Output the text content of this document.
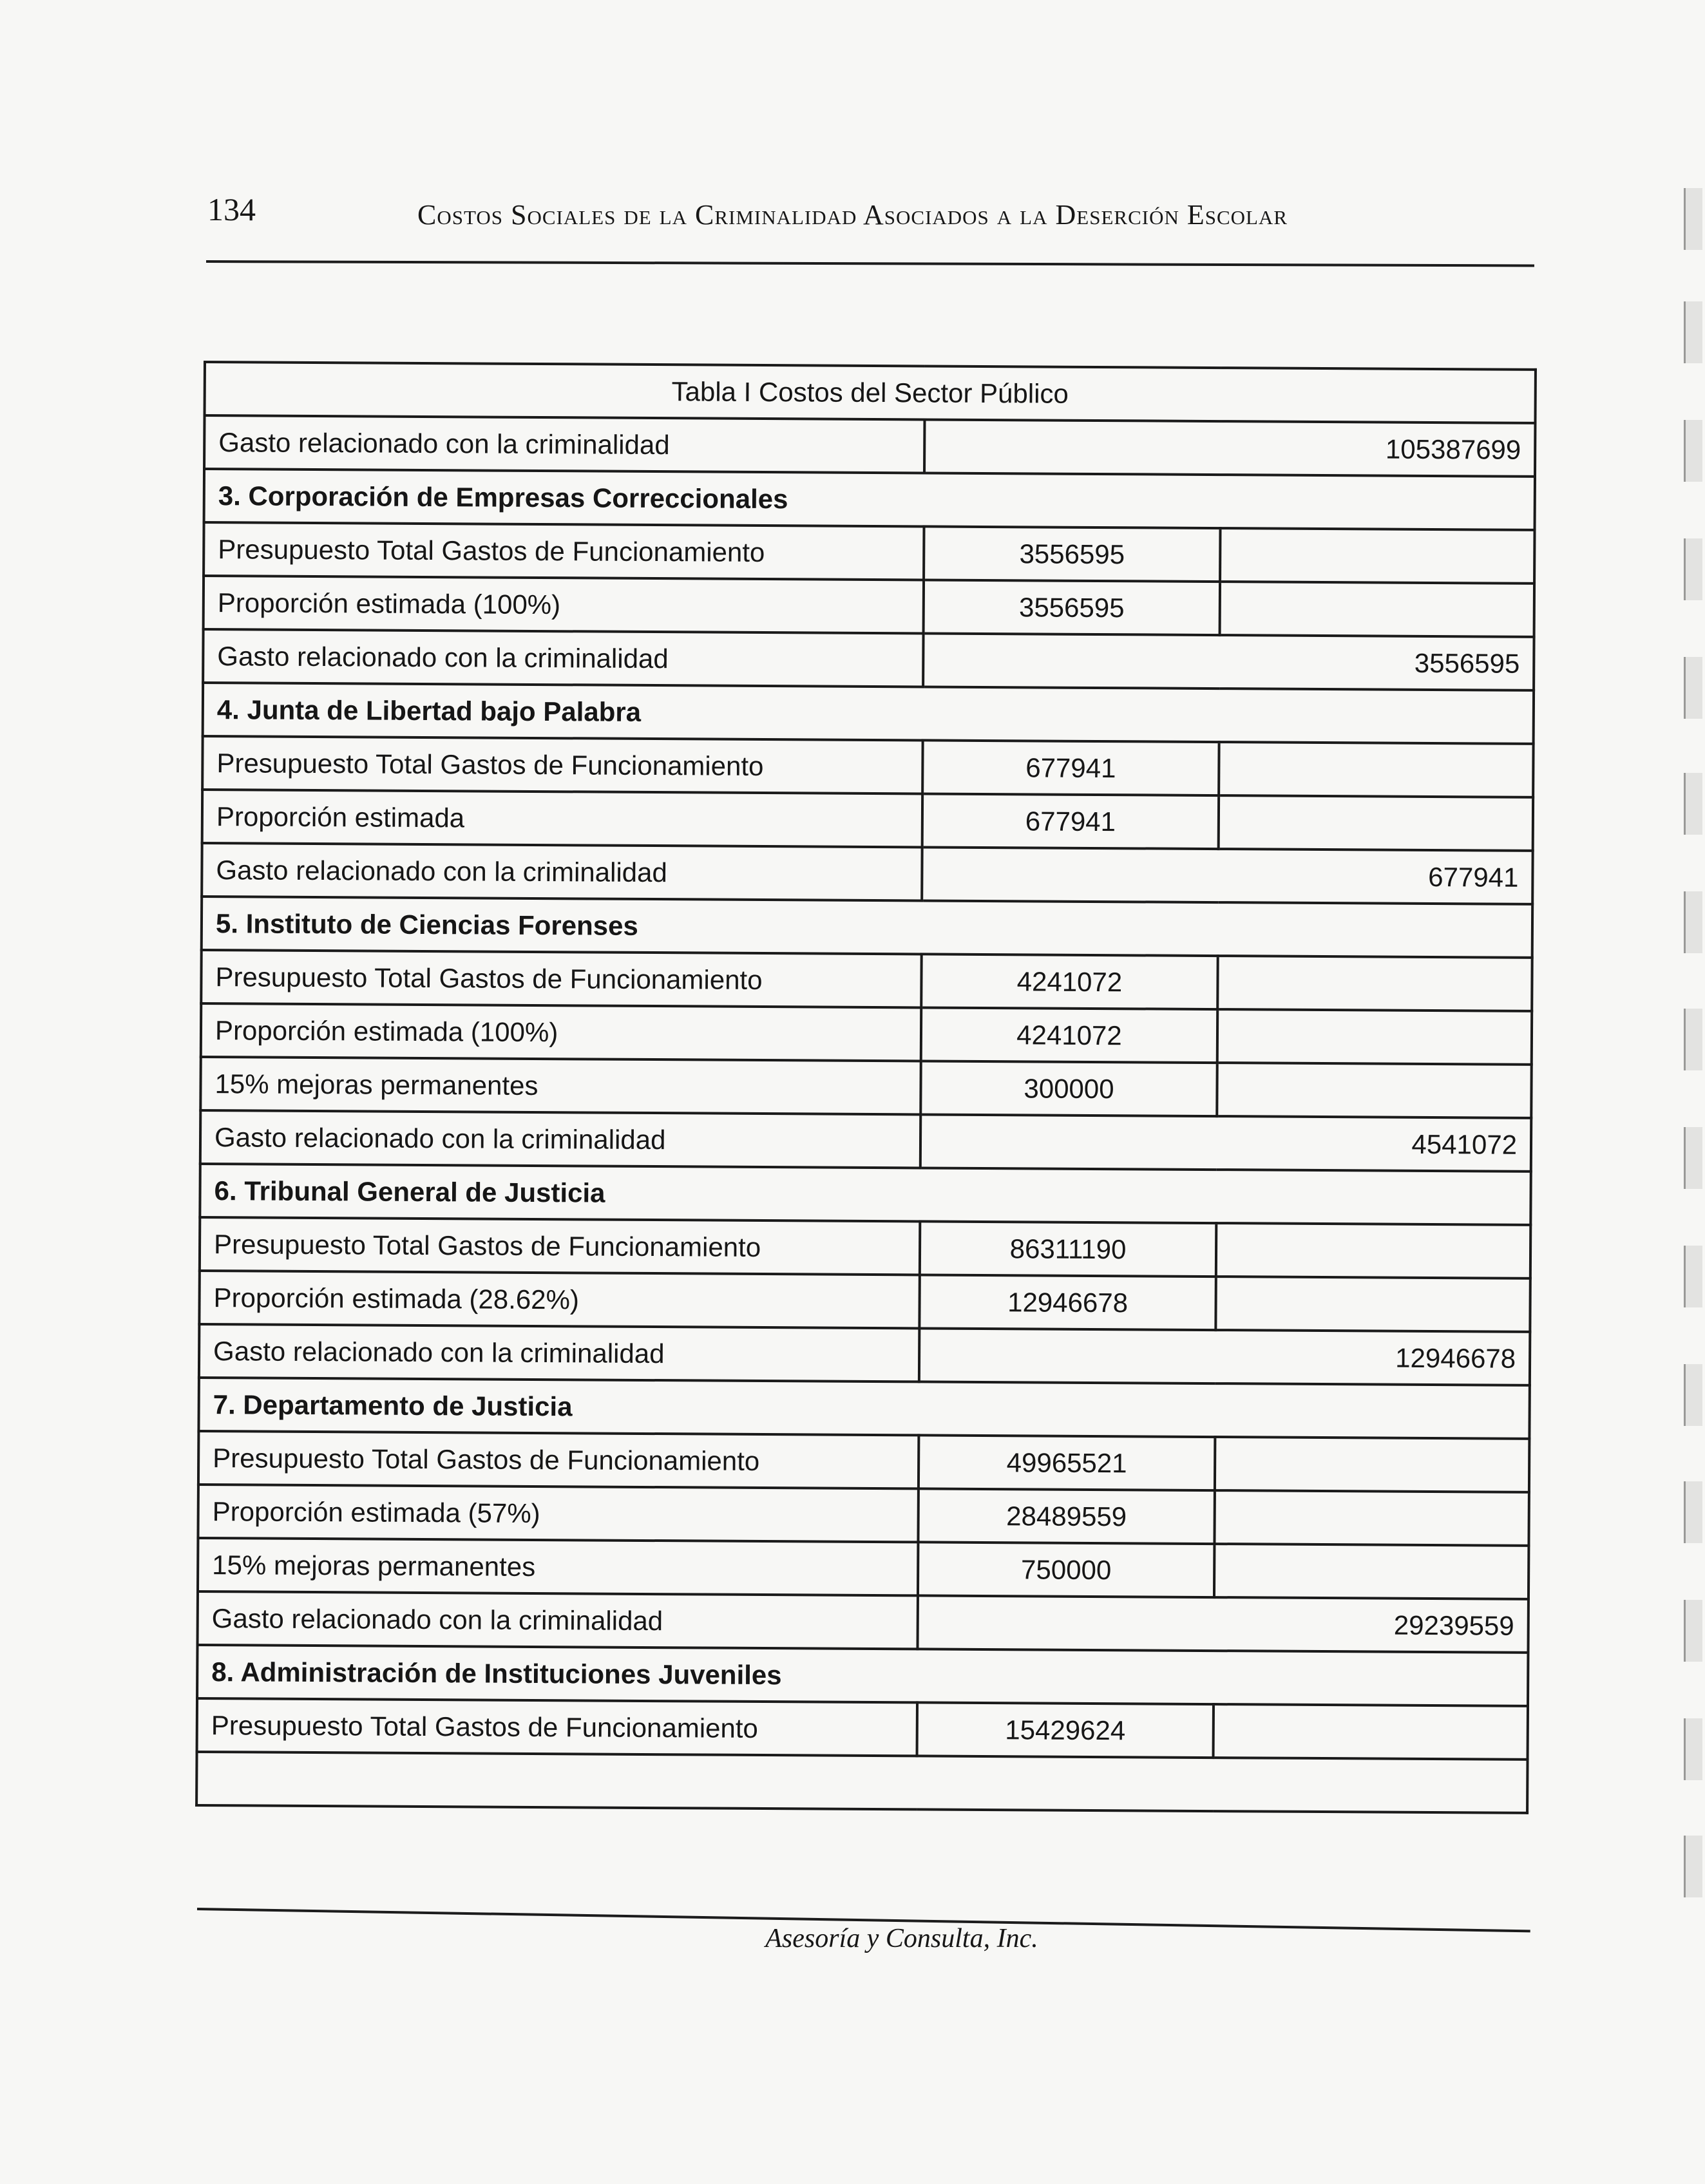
134	Costos Sociales de la Criminalidad Asociados a la Deserción Escolar
Tabla I Costos del Sector Público		
Gasto relacionado con la criminalidad	105387699	
3. Corporación de Empresas Correccionales		
Presupuesto Total Gastos de Funcionamiento	3556595	
Proporción estimada (100%)	3556595	
Gasto relacionado con la criminalidad	3556595	
4. Junta de Libertad bajo Palabra		
Presupuesto Total Gastos de Funcionamiento	677941	
Proporción estimada	677941	
Gasto relacionado con la criminalidad	677941	
5. Instituto de Ciencias Forenses		
Presupuesto Total Gastos de Funcionamiento	4241072	
Proporción estimada (100%)	4241072	
15% mejoras permanentes	300000	
Gasto relacionado con la criminalidad	4541072	
6. Tribunal General de Justicia		
Presupuesto Total Gastos de Funcionamiento	86311190	
Proporción estimada (28.62%)	12946678	
Gasto relacionado con la criminalidad	12946678	
7. Departamento de Justicia		
Presupuesto Total Gastos de Funcionamiento	49965521	
Proporción estimada (57%)	28489559	
15% mejoras permanentes	750000	
Gasto relacionado con la criminalidad	29239559	
8. Administración de Instituciones Juveniles		
Presupuesto Total Gastos de Funcionamiento	15429624	

Asesoría y Consulta, Inc.
